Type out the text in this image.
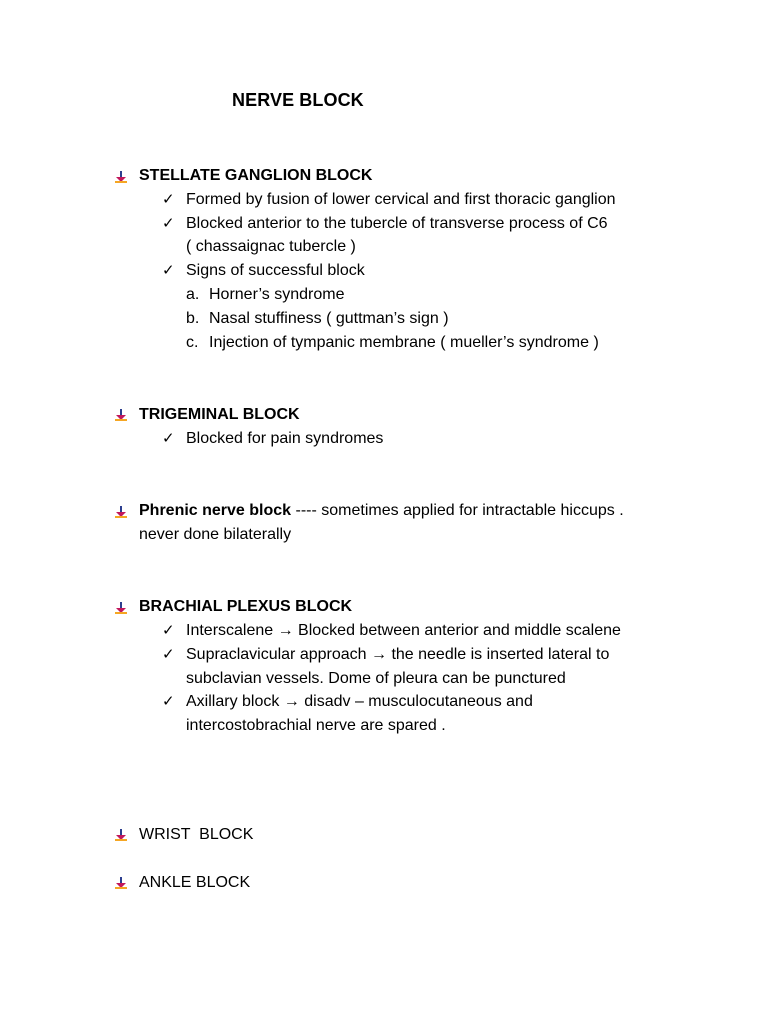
NERVE BLOCK
STELLATE GANGLION BLOCK
✓ Formed by fusion of lower cervical and first thoracic ganglion
✓ Blocked anterior to the tubercle of transverse process of C6
( chassaignac tubercle )
✓ Signs of successful block
a. Horner’s syndrome
b. Nasal stuffiness ( guttman’s sign )
c. Injection of tympanic membrane ( mueller’s syndrome )
TRIGEMINAL BLOCK
✓ Blocked for pain syndromes
Phrenic nerve block ---- sometimes applied for intractable hiccups .
never done bilaterally
BRACHIAL PLEXUS BLOCK
✓ Interscalene → Blocked between anterior and middle scalene
✓ Supraclavicular approach → the needle is inserted lateral to
subclavian vessels. Dome of pleura can be punctured
✓ Axillary block → disadv – musculocutaneous and
intercostobrachial nerve are spared .
WRIST  BLOCK
ANKLE BLOCK
